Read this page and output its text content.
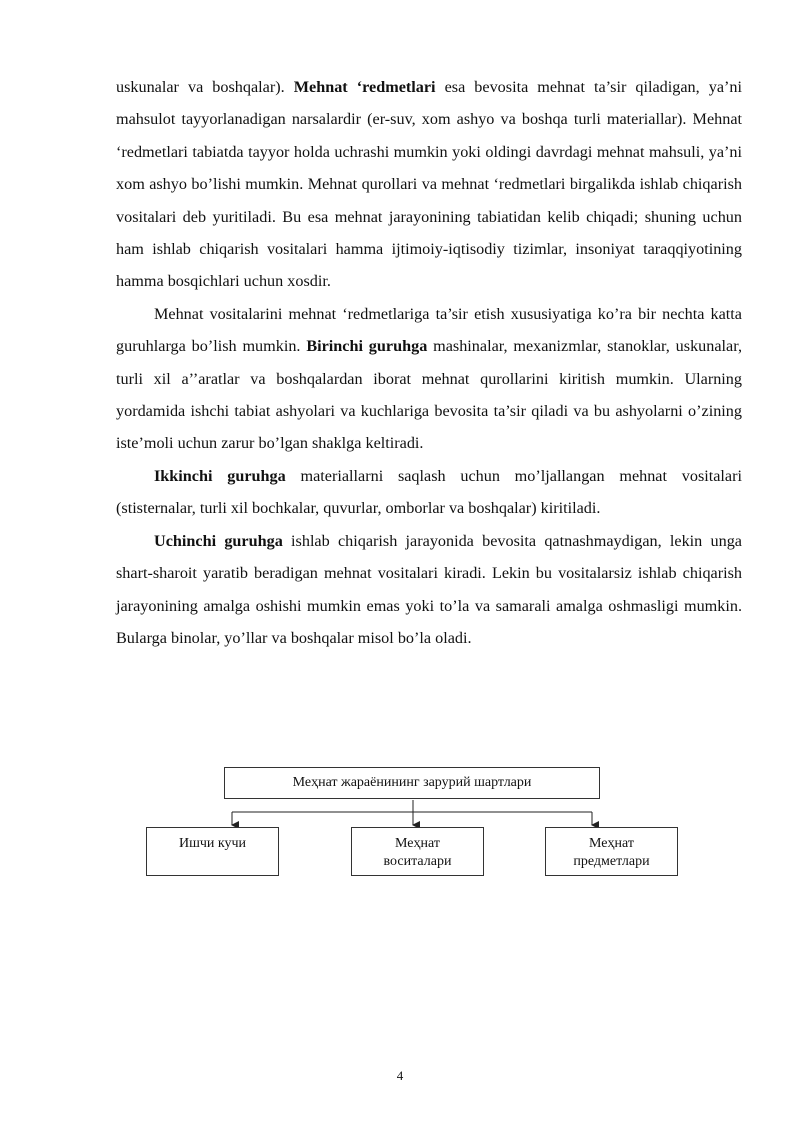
uskunalar va boshqalar). Mehnat ‘redmetlari esa bevosita mehnat ta’sir qiladigan, ya’ni mahsulot tayyorlanadigan narsalardir (er-suv, xom ashyo va boshqa turli materiallar). Mehnat ‘redmetlari tabiatda tayyor holda uchrashi mumkin yoki oldingi davrdagi mehnat mahsuli, ya’ni xom ashyo bo’lishi mumkin. Mehnat qurollari va mehnat ‘redmetlari birgalikda ishlab chiqarish vositalari deb yuritiladi. Bu esa mehnat jarayonining tabiatidan kelib chiqadi; shuning uchun ham ishlab chiqarish vositalari hamma ijtimoiy-iqtisodiy tizimlar, insoniyat taraqqiyotining hamma bosqichlari uchun xosdir.

Mehnat vositalarini mehnat ‘redmetlariga ta’sir etish xususiyatiga ko’ra bir nechta katta guruhlarga bo’lish mumkin. Birinchi guruhga mashinalar, mexanizmlar, stanoklar, uskunalar, turli xil a’’aratlar va boshqalardan iborat mehnat qurollarini kiritish mumkin. Ularning yordamida ishchi tabiat ashyolari va kuchlariga bevosita ta’sir qiladi va bu ashyolarni o’zining iste’moli uchun zarur bo’lgan shaklga keltiradi.

Ikkinchi guruhga materiallarni saqlash uchun mo’ljallangan mehnat vositalari (stisternalar, turli xil bochkalar, quvurlar, omborlar va boshqalar) kiritiladi.

Uchinchi guruhga ishlab chiqarish jarayonida bevosita qatnashmaydigan, lekin unga shart-sharoit yaratib beradigan mehnat vositalari kiradi. Lekin bu vositalarsiz ishlab chiqarish jarayonining amalga oshishi mumkin emas yoki to’la va samarali amalga oshmasligi mumkin. Bularga binolar, yo’llar va boshqalar misol bo’la oladi.

Меҳнат жараёнининг зарурий шартлари
Ишчи кучи	Меҳнат
воситалари
Меҳнат
предметлари
4
